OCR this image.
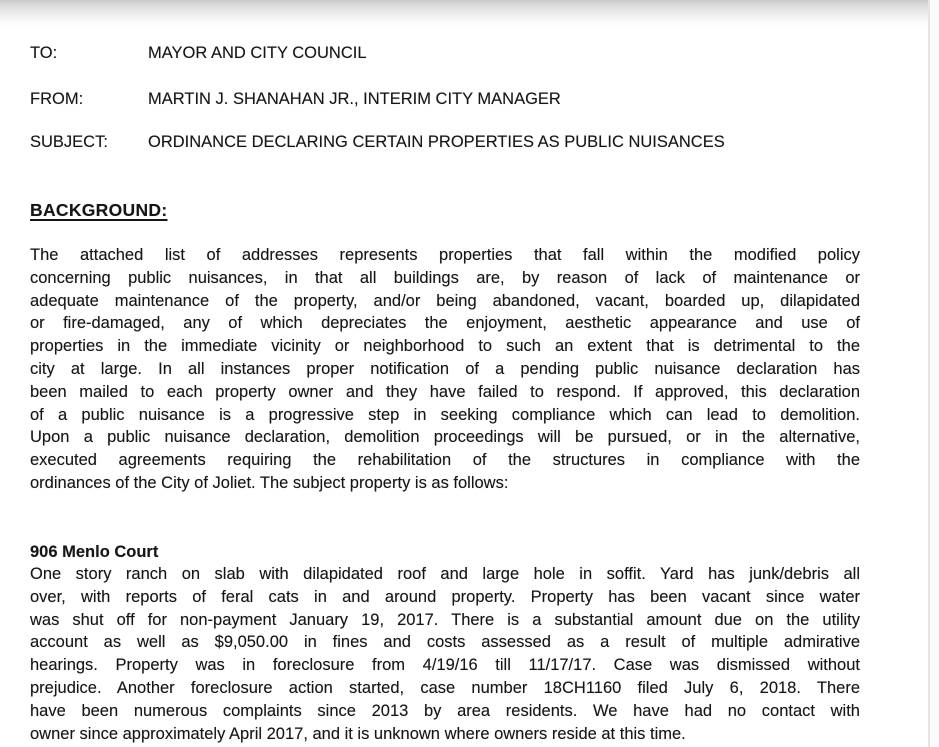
TO:	MAYOR AND CITY COUNCIL
FROM:	MARTIN J. SHANAHAN JR., INTERIM CITY MANAGER
SUBJECT:	ORDINANCE DECLARING CERTAIN PROPERTIES AS PUBLIC NUISANCES
BACKGROUND:
The attached list of addresses represents properties that fall within the modified policy
concerning public nuisances, in that all buildings are, by reason of lack of maintenance or
adequate maintenance of the property, and/or being abandoned, vacant, boarded up, dilapidated
or fire-damaged, any of which depreciates the enjoyment, aesthetic appearance and use of
properties in the immediate vicinity or neighborhood to such an extent that is detrimental to the
city at large. In all instances proper notification of a pending public nuisance declaration has
been mailed to each property owner and they have failed to respond. If approved, this declaration
of a public nuisance is a progressive step in seeking compliance which can lead to demolition.
Upon a public nuisance declaration, demolition proceedings will be pursued, or in the alternative,
executed agreements requiring the rehabilitation of the structures in compliance with the
ordinances of the City of Joliet. The subject property is as follows:
906 Menlo Court
One story ranch on slab with dilapidated roof and large hole in soffit. Yard has junk/debris all
over, with reports of feral cats in and around property. Property has been vacant since water
was shut off for non-payment January 19, 2017. There is a substantial amount due on the utility
account as well as $9,050.00 in fines and costs assessed as a result of multiple admirative
hearings. Property was in foreclosure from 4/19/16 till 11/17/17. Case was dismissed without
prejudice. Another foreclosure action started, case number 18CH1160 filed July 6, 2018. There
have been numerous complaints since 2013 by area residents. We have had no contact with
owner since approximately April 2017, and it is unknown where owners reside at this time.
